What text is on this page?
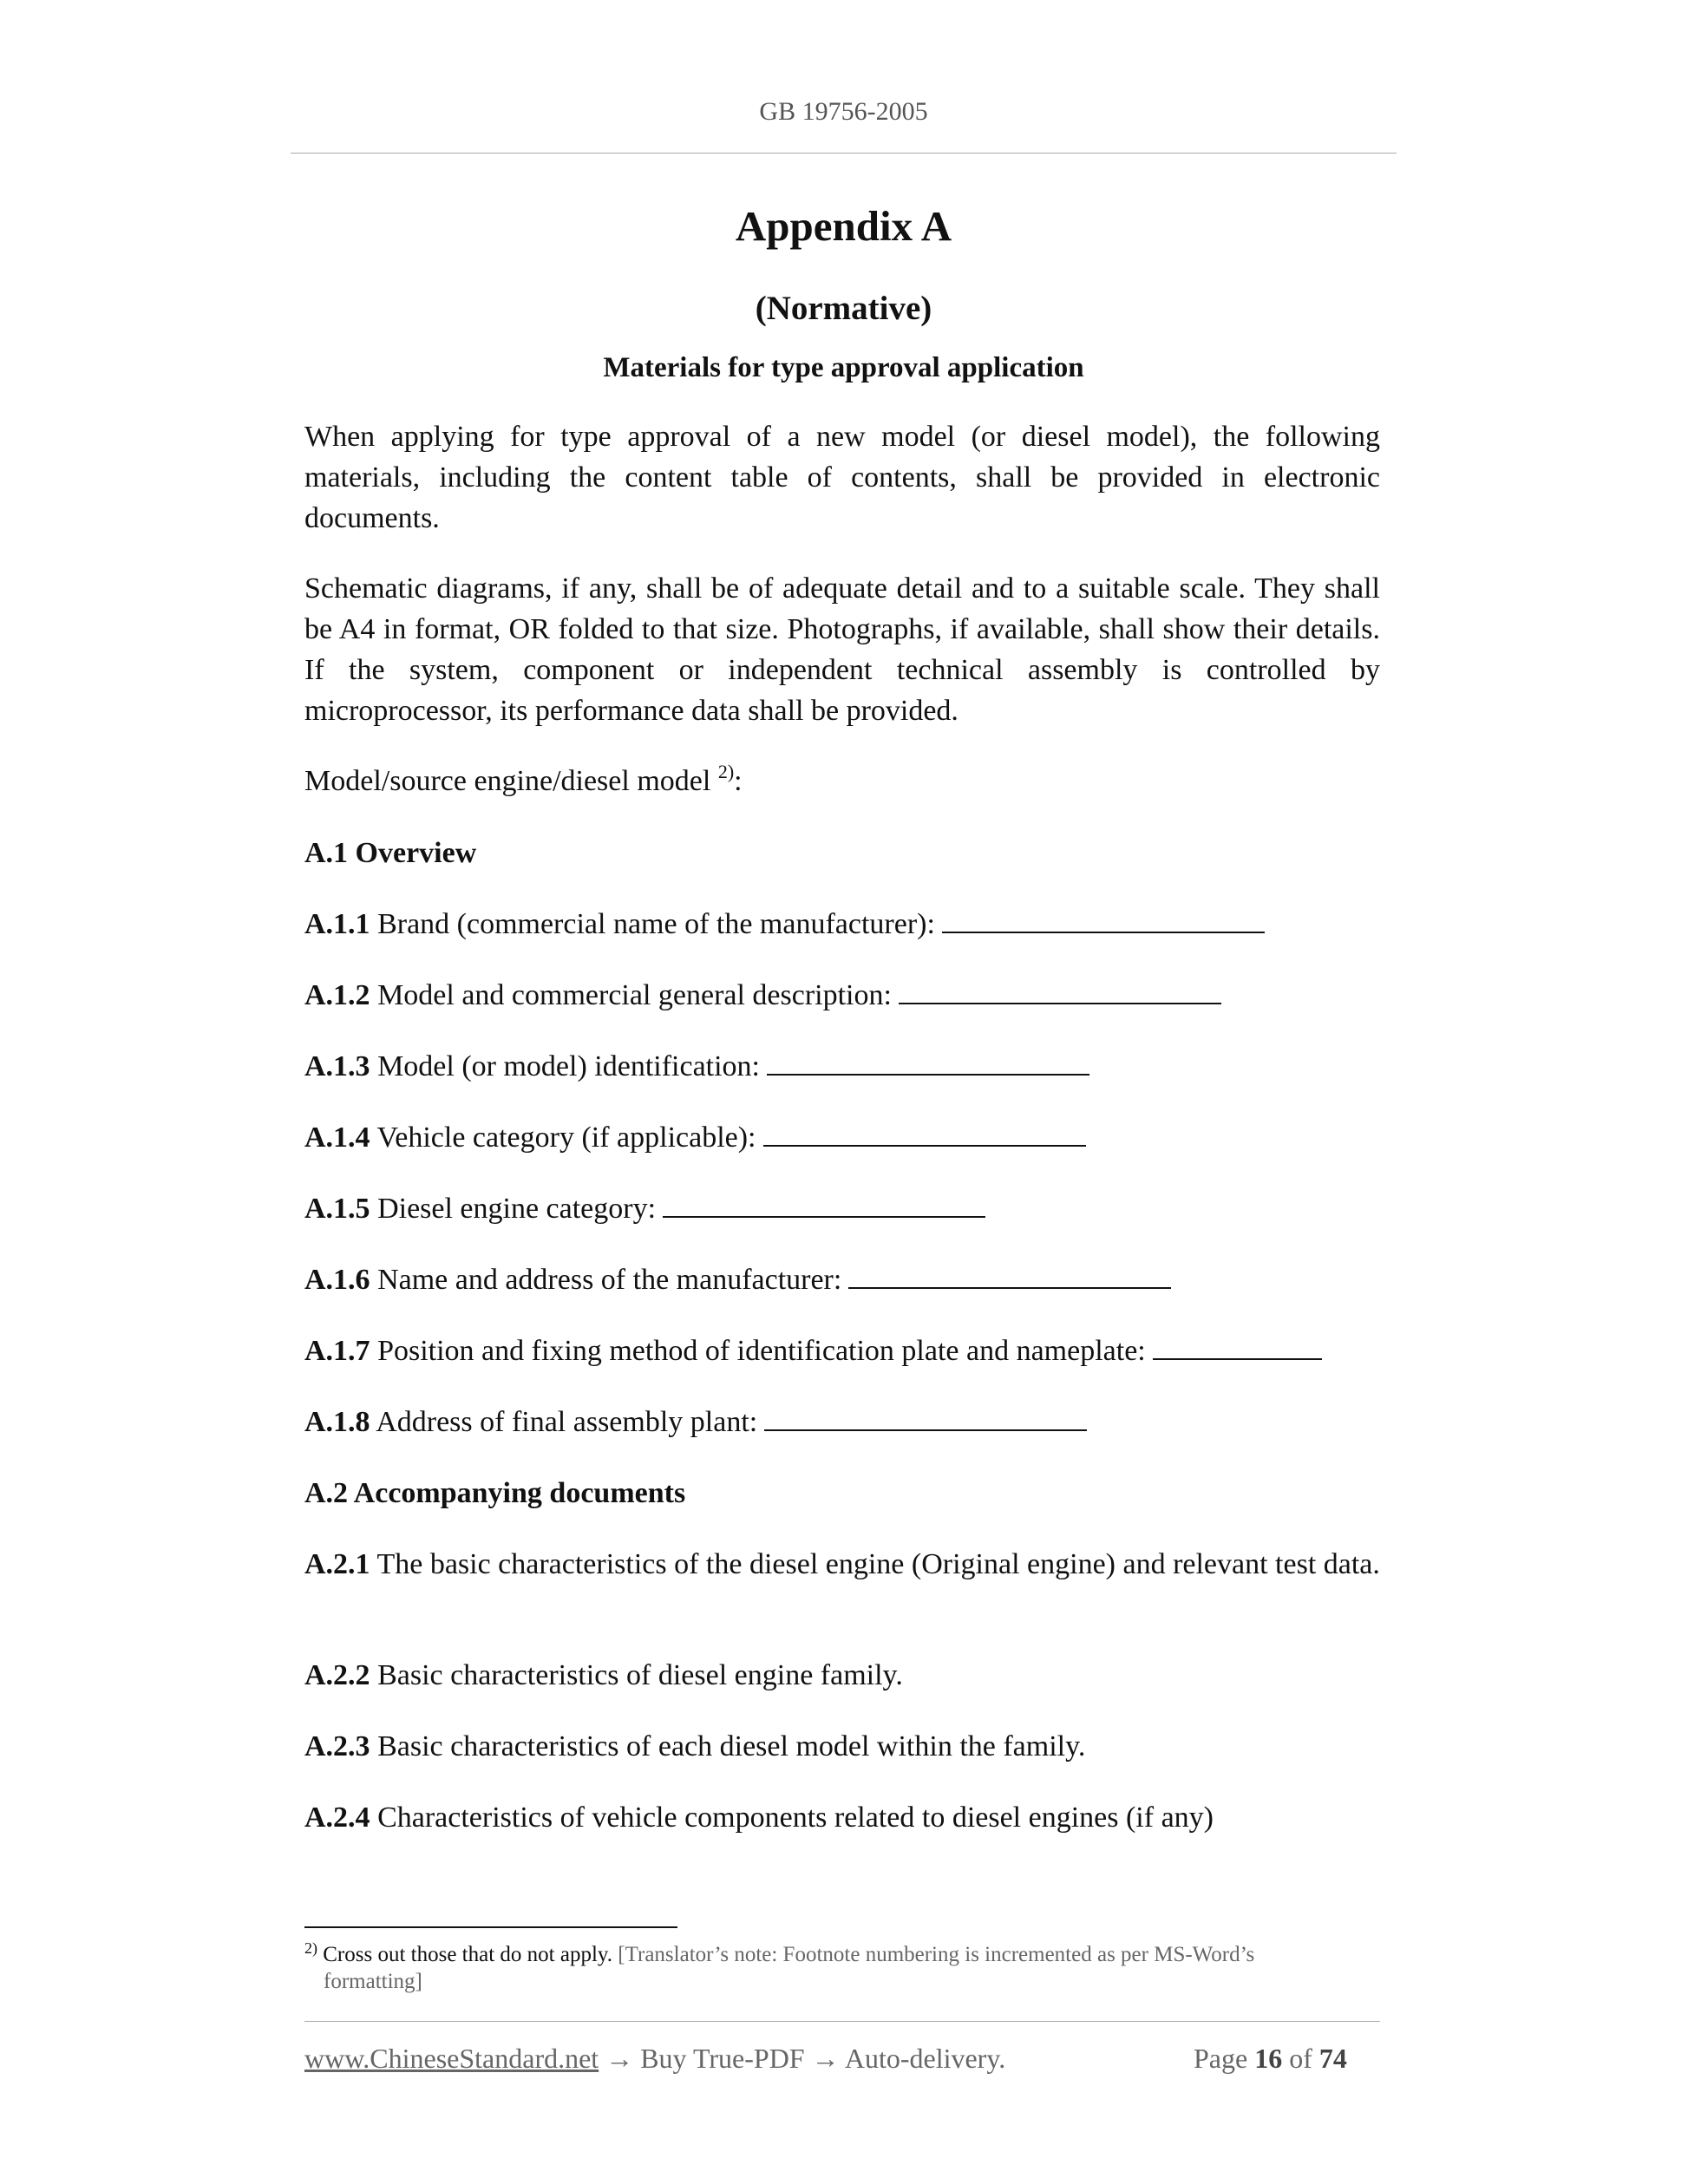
GB 19756-2005
Appendix A
(Normative)
Materials for type approval application
When applying for type approval of a new model (or diesel model), the following materials, including the content table of contents, shall be provided in electronic documents.
Schematic diagrams, if any, shall be of adequate detail and to a suitable scale. They shall be A4 in format, OR folded to that size. Photographs, if available, shall show their details. If the system, component or independent technical assembly is controlled by microprocessor, its performance data shall be provided.
Model/source engine/diesel model $^{2)}$:
A.1 Overview
A.1.1 Brand (commercial name of the manufacturer):
A.1.2 Model and commercial general description:
A.1.3 Model (or model) identification:
A.1.4 Vehicle category (if applicable):
A.1.5 Diesel engine category:
A.1.6 Name and address of the manufacturer:
A.1.7 Position and fixing method of identification plate and nameplate:
A.1.8 Address of final assembly plant:
A.2 Accompanying documents
A.2.1 The basic characteristics of the diesel engine (Original engine) and relevant test data.
A.2.2 Basic characteristics of diesel engine family.
A.2.3 Basic characteristics of each diesel model within the family.
A.2.4 Characteristics of vehicle components related to diesel engines (if any)
$^{2)}$ Cross out those that do not apply. [Translator’s note: Footnote numbering is incremented as per MS-Word’s
formatting]
www.ChineseStandard.net → Buy True-PDF → Auto-delivery.	Page 16 of 74
